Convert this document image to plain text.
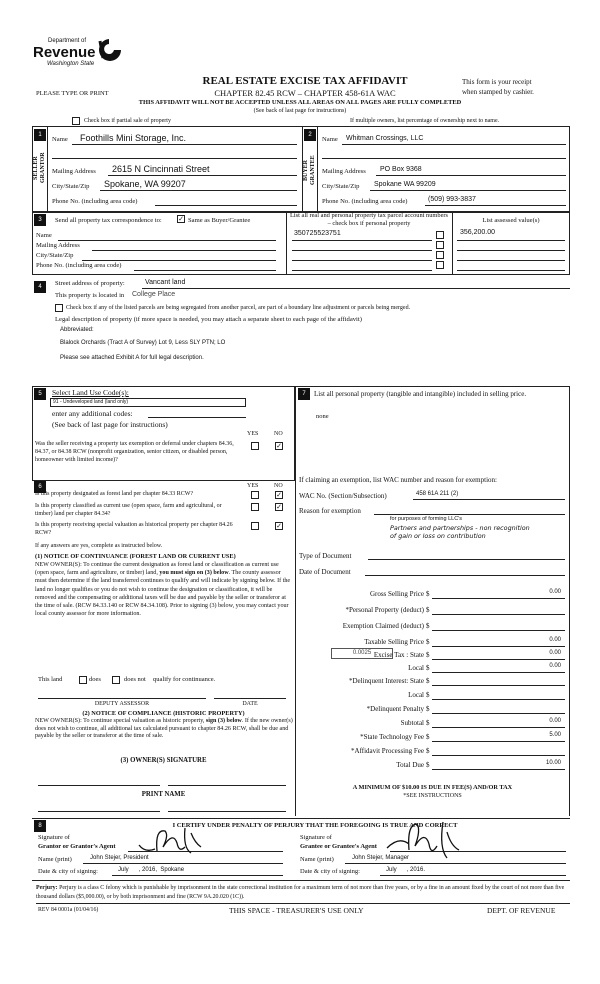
Department of
Revenue
Washington State
REAL ESTATE EXCISE TAX AFFIDAVIT
PLEASE TYPE OR PRINT	CHAPTER 82.45 RCW – CHAPTER 458-61A WAC
This form is your receipt
when stamped by cashier.
THIS AFFIDAVIT WILL NOT BE ACCEPTED UNLESS ALL AREAS ON ALL PAGES ARE FULLY COMPLETED
(See back of last page for instructions)
Check box if partial sale of property	If multiple owners, list percentage of ownership next to name.
1
SELLER GRANTOR
2
BUYER GRANTEE
Name Foothills Mini Storage, Inc.
Mailing Address 2615 N Cincinnati Street
City/State/Zip Spokane, WA 99207
Phone No. (including area code)
Name Whitman Crossings, LLC
Mailing Address PO Box 9368
City/State/Zip Spokane WA 99209
Phone No. (including area code)	(509) 993-3837
3	Send all property tax correspondence to: ✓ Same as Buyer/Grantee
List all real and personal property tax parcel account numbers – check box if personal property	List assessed value(s)
Name
Mailing Address
City/State/Zip
Phone No. (including area code)
350725523751	356,200.00
4	Street address of property:	Vancant land
This property is located in College Place
Check box if any of the listed parcels are being segregated from another parcel, are part of a boundary line adjustment or parcels being merged.
Legal description of property (if more space is needed, you may attach a separate sheet to each page of the affidavit)
Abbreviated:
Blalock Orchards (Tract A of Survey) Lot 9, Less SLY PTN; LO
Please see attached Exhibit A for full legal description.
5	Select Land Use Code(s):
91 - Undeveloped land (land only)
enter any additional codes:
(See back of last page for instructions)
YES	NO
Was the seller receiving a property tax exemption or deferral under chapters 84.36, 84.37, or 84.38 RCW (nonprofit organization, senior citizen, or disabled person, homeowner with limited income)?
✓
6	YES	NO
Is this property designated as forest land per chapter 84.33 RCW?	✓
Is this property classified as current use (open space, farm and agricultural, or timber) land per chapter 84.34?
✓
Is this property receiving special valuation as historical property per chapter 84.26 RCW?
✓
If any answers are yes, complete as instructed below.
(1) NOTICE OF CONTINUANCE (FOREST LAND OR CURRENT USE)
NEW OWNER(S): To continue the current designation as forest land or classification as current use (open space, farm and agriculture, or timber) land, you must sign on (3) below. The county assessor must then determine if the land transferred continues to qualify and will indicate by signing below. If the land no longer qualifies or you do not wish to continue the designation or classification, it will be removed and the compensating or additional taxes will be due and payable by the seller or transferor at the time of sale. (RCW 84.33.140 or RCW 84.34.108). Prior to signing (3) below, you may contact your local county assessor for more information.
This land	does	does not qualify for continuance.
DEPUTY ASSESSOR	DATE
(2) NOTICE OF COMPLIANCE (HISTORIC PROPERTY)
NEW OWNER(S): To continue special valuation as historic property, sign (3) below. If the new owner(s) does not wish to continue, all additional tax calculated pursuant to chapter 84.26 RCW, shall be due and payable by the seller or transferor at the time of sale.
(3) OWNER(S) SIGNATURE
PRINT NAME
7	List all personal property (tangible and intangible) included in selling price.
none
If claiming an exemption, list WAC number and reason for exemption:
WAC No. (Section/Subsection)	458 61A 211 (2)
Reason for exemption
for purposes of forming LLC's
Partners and partnerships - non recognition of gain or loss on contribution
Type of Document
Date of Document
0.0025
Gross Selling Price $	0.00
*Personal Property (deduct) $
Exemption Claimed (deduct) $
Taxable Selling Price $	0.00
Excise Tax : State $	0.00
Local $	0.00
*Delinquent Interest: State $
Local $
*Delinquent Penalty $
Subtotal $	0.00
*State Technology Fee $	5.00
*Affidavit Processing Fee $
Total Due $	10.00
A MINIMUM OF $10.00 IS DUE IN FEE(S) AND/OR TAX
*SEE INSTRUCTIONS
8	I CERTIFY UNDER PENALTY OF PERJURY THAT THE FOREGOING IS TRUE AND CORRECT
Signature of
Grantor or Grantor's Agent
Name (print)	John Stejer, President
Date & city of signing:	July      , 2016,  Spokane
Signature of
Grantee or Grantee's Agent
Name (print)	John Stejer, Manager
Date & city of signing:	July      , 2016.
Perjury: Perjury is a class C felony which is punishable by imprisonment in the state correctional institution for a maximum term of not more than five years, or by a fine in an amount fixed by the court of not more than five thousand dollars ($5,000.00), or by both imprisonment and fine (RCW 9A.20.020 (1C)).
REV 84 0001a (01/04/16)	THIS SPACE - TREASURER'S USE ONLY	DEPT. OF REVENUE
